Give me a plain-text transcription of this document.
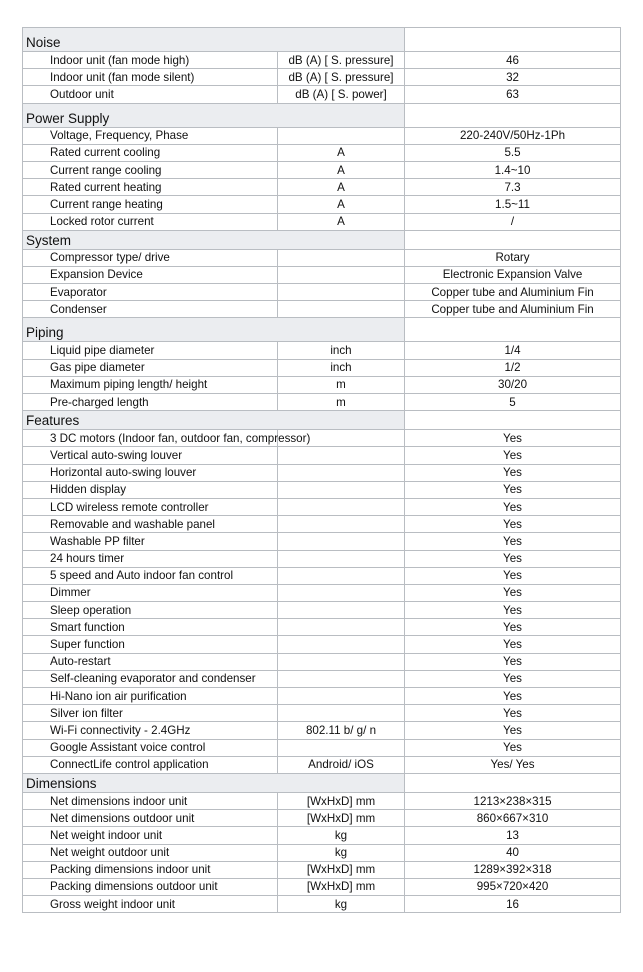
Noise		
Indoor unit (fan mode high)	dB (A) [ S. pressure]	46
Indoor unit (fan mode silent)	dB (A) [ S. pressure]	32
Outdoor unit	dB (A) [ S. power]	63
Power Supply		
Voltage, Frequency, Phase		220-240V/50Hz-1Ph
Rated current cooling	A	5.5
Current range cooling	A	1.4~10
Rated current heating	A	7.3
Current range heating	A	1.5~11
Locked rotor current	A	/
System		
Compressor type/ drive		Rotary
Expansion Device		Electronic Expansion Valve
Evaporator		Copper tube and Aluminium Fin
Condenser		Copper tube and Aluminium Fin
Piping		
Liquid pipe diameter	inch	1/4
Gas pipe diameter	inch	1/2
Maximum piping length/ height	m	30/20
Pre-charged length	m	5
Features		
3 DC motors (Indoor fan, outdoor fan, compressor)		Yes
Vertical auto-swing louver		Yes
Horizontal auto-swing louver		Yes
Hidden display		Yes
LCD wireless remote controller		Yes
Removable and washable panel		Yes
Washable PP filter		Yes
24 hours timer		Yes
5 speed and Auto indoor fan control		Yes
Dimmer		Yes
Sleep operation		Yes
Smart function		Yes
Super function		Yes
Auto-restart		Yes
Self-cleaning evaporator and condenser		Yes
Hi-Nano ion air purification		Yes
Silver ion filter		Yes
Wi-Fi connectivity - 2.4GHz	802.11 b/ g/ n	Yes
Google Assistant voice control		Yes
ConnectLife control application	Android/ iOS	Yes/ Yes
Dimensions		
Net dimensions indoor unit	[WxHxD] mm	1213×238×315
Net dimensions outdoor unit	[WxHxD] mm	860×667×310
Net weight indoor unit	kg	13
Net weight outdoor unit	kg	40
Packing dimensions indoor unit	[WxHxD] mm	1289×392×318
Packing dimensions outdoor unit	[WxHxD] mm	995×720×420
Gross weight indoor unit	kg	16
